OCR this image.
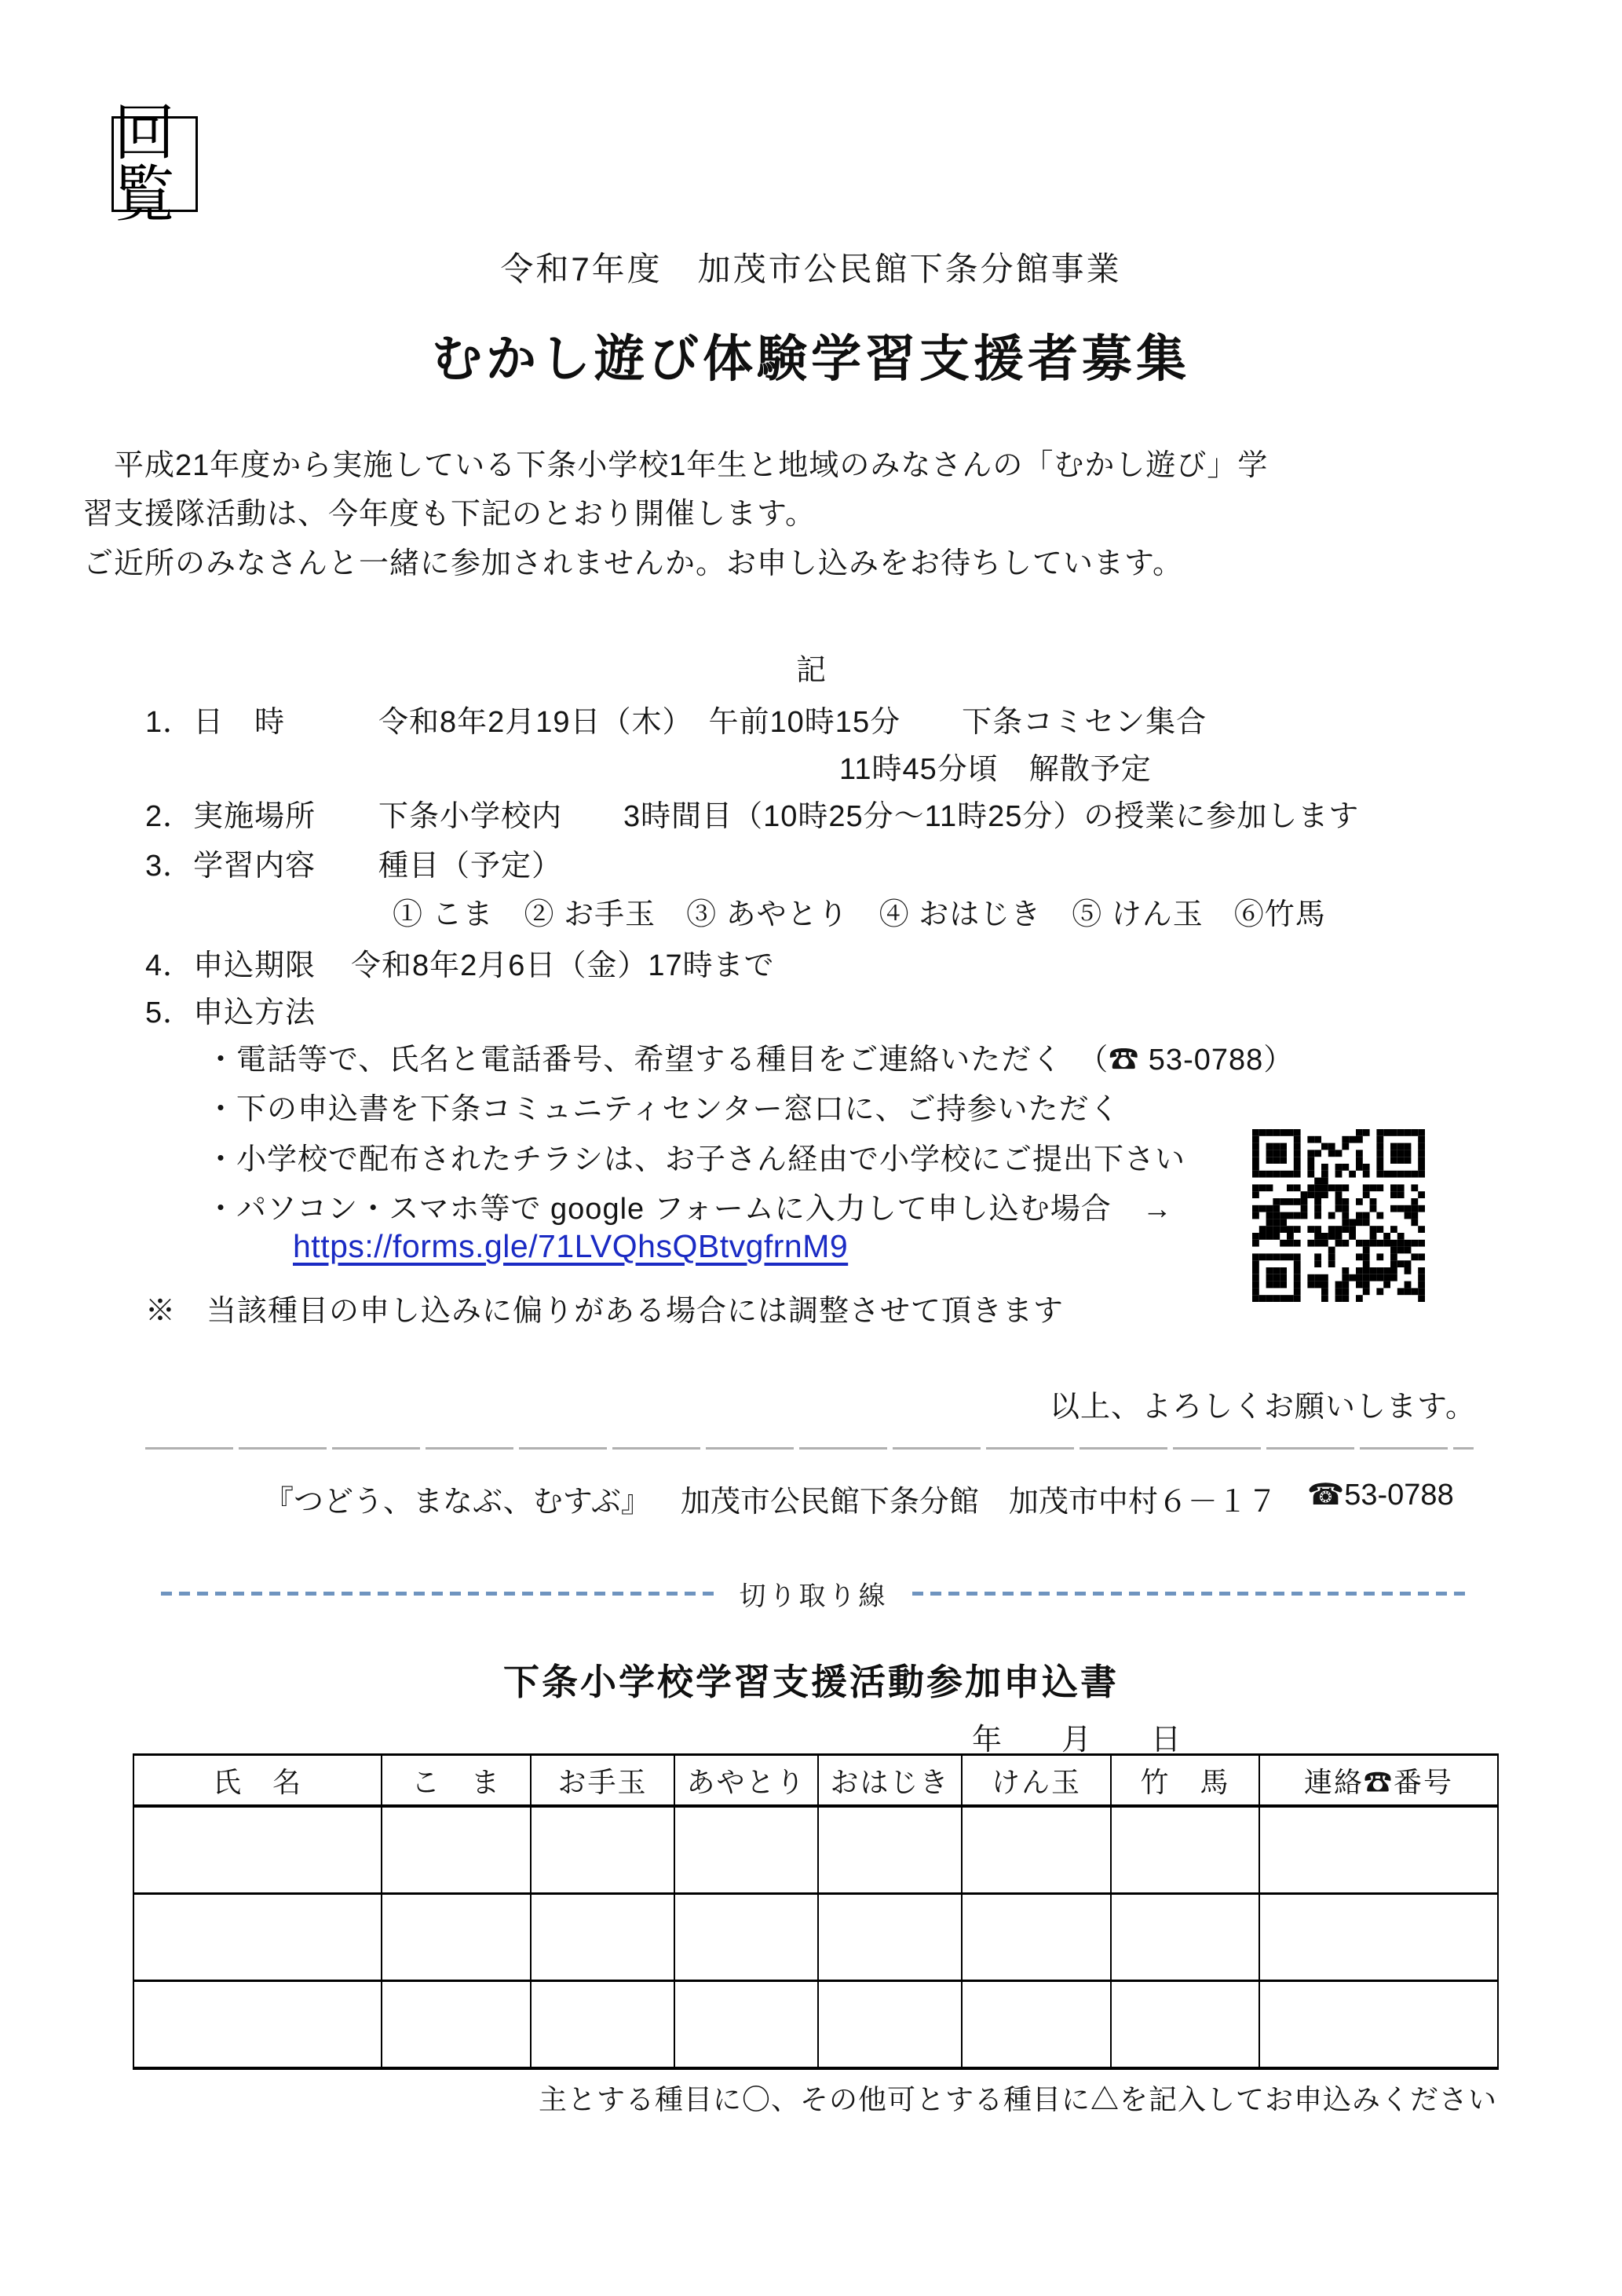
回覧
令和7年度　加茂市公民館下条分館事業
むかし遊び体験学習支援者募集
　平成21年度から実施している下条小学校1年生と地域のみなさんの「むかし遊び」学
習支援隊活動は、今年度も下記のとおり開催します。
ご近所のみなさんと一緒に参加されませんか。お申し込みをお待ちしています。
記
1．日　時	令和8年2月19日（木）　午前10時15分　　下条コミセン集合
11時45分頃　解散予定
2．実施場所 下条小学校内　　3時間目（10時25分～11時25分）の授業に参加します
3．学習内容 種目（予定）
① こま　② お手玉　③ あやとり　④ おはじき　⑤ けん玉　⑥竹馬
4．申込期限 令和8年2月6日（金）17時まで
5．申込方法
・電話等で、氏名と電話番号、希望する種目をご連絡いただく　（☎ 53-0788）
・下の申込書を下条コミュニティセンター窓口に、ご持参いただく
・小学校で配布されたチラシは、お子さん経由で小学校にご提出下さい
・パソコン・スマホ等で google フォームに入力して申し込む場合　→
https://forms.gle/71LVQhsQBtvgfrnM9
※　当該種目の申し込みに偏りがある場合には調整させて頂きます
以上、よろしくお願いします。
『つどう、まなぶ、むすぶ』 加茂市公民館下条分館 加茂市中村６－１７ ☎53-0788
切り取り線
下条小学校学習支援活動参加申込書
年　　月　　日
氏　名	こ　ま	お手玉	あやとり	おはじき	けん玉	竹　馬	連絡☎番号

主とする種目に〇、その他可とする種目に△を記入してお申込みください
